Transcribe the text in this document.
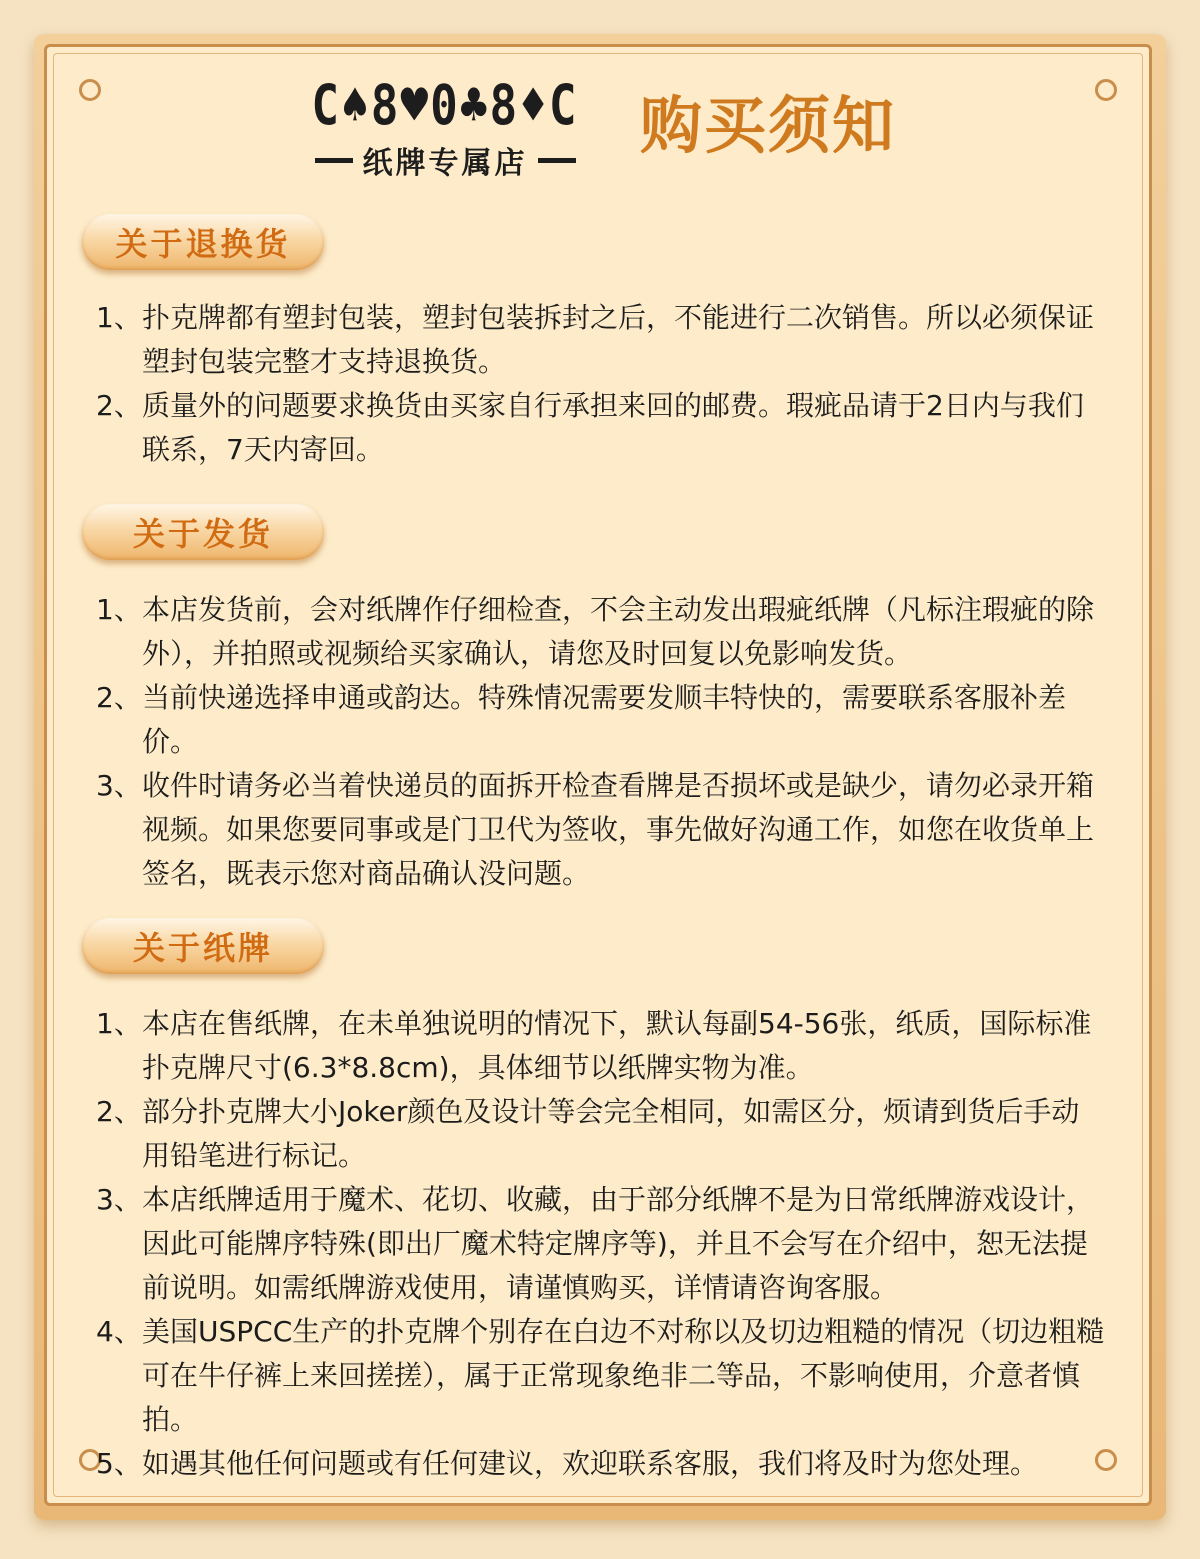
C♠8♥0♣8♦C
纸牌专属店
购买须知
关于退换货
1、扑克牌都有塑封包装，塑封包装拆封之后，不能进行二次销售。所以必须保证塑封包装完整才支持退换货。
2、质量外的问题要求换货由买家自行承担来回的邮费。瑕疵品请于2日内与我们联系，7天内寄回。
关于发货
1、本店发货前，会对纸牌作仔细检查，不会主动发出瑕疵纸牌（凡标注瑕疵的除外），并拍照或视频给买家确认，请您及时回复以免影响发货。
2、当前快递选择申通或韵达。特殊情况需要发顺丰特快的，需要联系客服补差价。
3、收件时请务必当着快递员的面拆开检查看牌是否损坏或是缺少，请勿必录开箱视频。如果您要同事或是门卫代为签收，事先做好沟通工作，如您在收货单上签名，既表示您对商品确认没问题。
关于纸牌
1、本店在售纸牌，在未单独说明的情况下，默认每副54-56张，纸质，国际标准扑克牌尺寸(6.3*8.8cm)，具体细节以纸牌实物为准。
2、部分扑克牌大小Joker颜色及设计等会完全相同，如需区分，烦请到货后手动用铅笔进行标记。
3、本店纸牌适用于魔术、花切、收藏，由于部分纸牌不是为日常纸牌游戏设计，因此可能牌序特殊(即出厂魔术特定牌序等)，并且不会写在介绍中，恕无法提前说明。如需纸牌游戏使用，请谨慎购买，详情请咨询客服。
4、美国USPCC生产的扑克牌个别存在白边不对称以及切边粗糙的情况（切边粗糙可在牛仔裤上来回搓搓），属于正常现象绝非二等品，不影响使用，介意者慎拍。
5、如遇其他任何问题或有任何建议，欢迎联系客服，我们将及时为您处理。
